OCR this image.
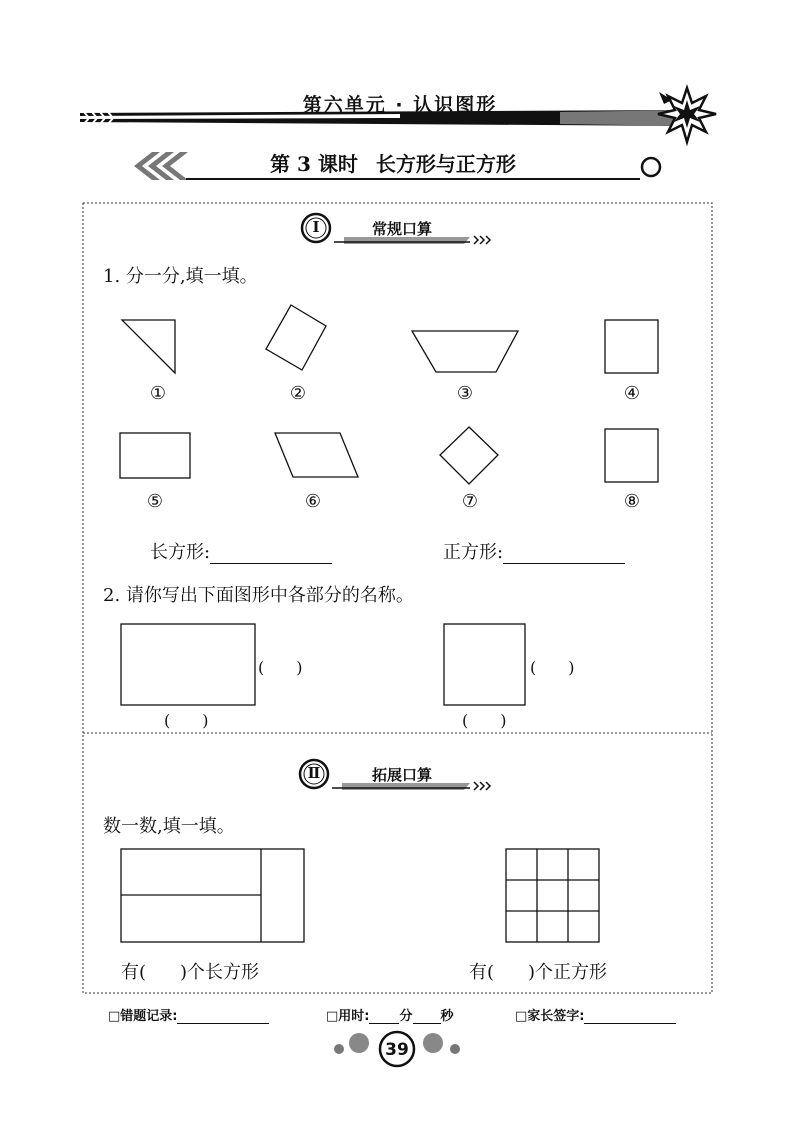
第六单元 · 认识图形
第 3 课时 长方形与正方形
Ⅰ	常规口算
1. 分一分,填一填。
①	②	③	④
⑤	⑥	⑦	⑧
长方形:	正方形:
2. 请你写出下面图形中各部分的名称。
(　　)
(　　)
(　　)
(　　)
Ⅱ	拓展口算
数一数,填一填。
有( )个长方形	有( )个正方形
□错题记录:	□用时: 分 秒	□家长签字:
39
